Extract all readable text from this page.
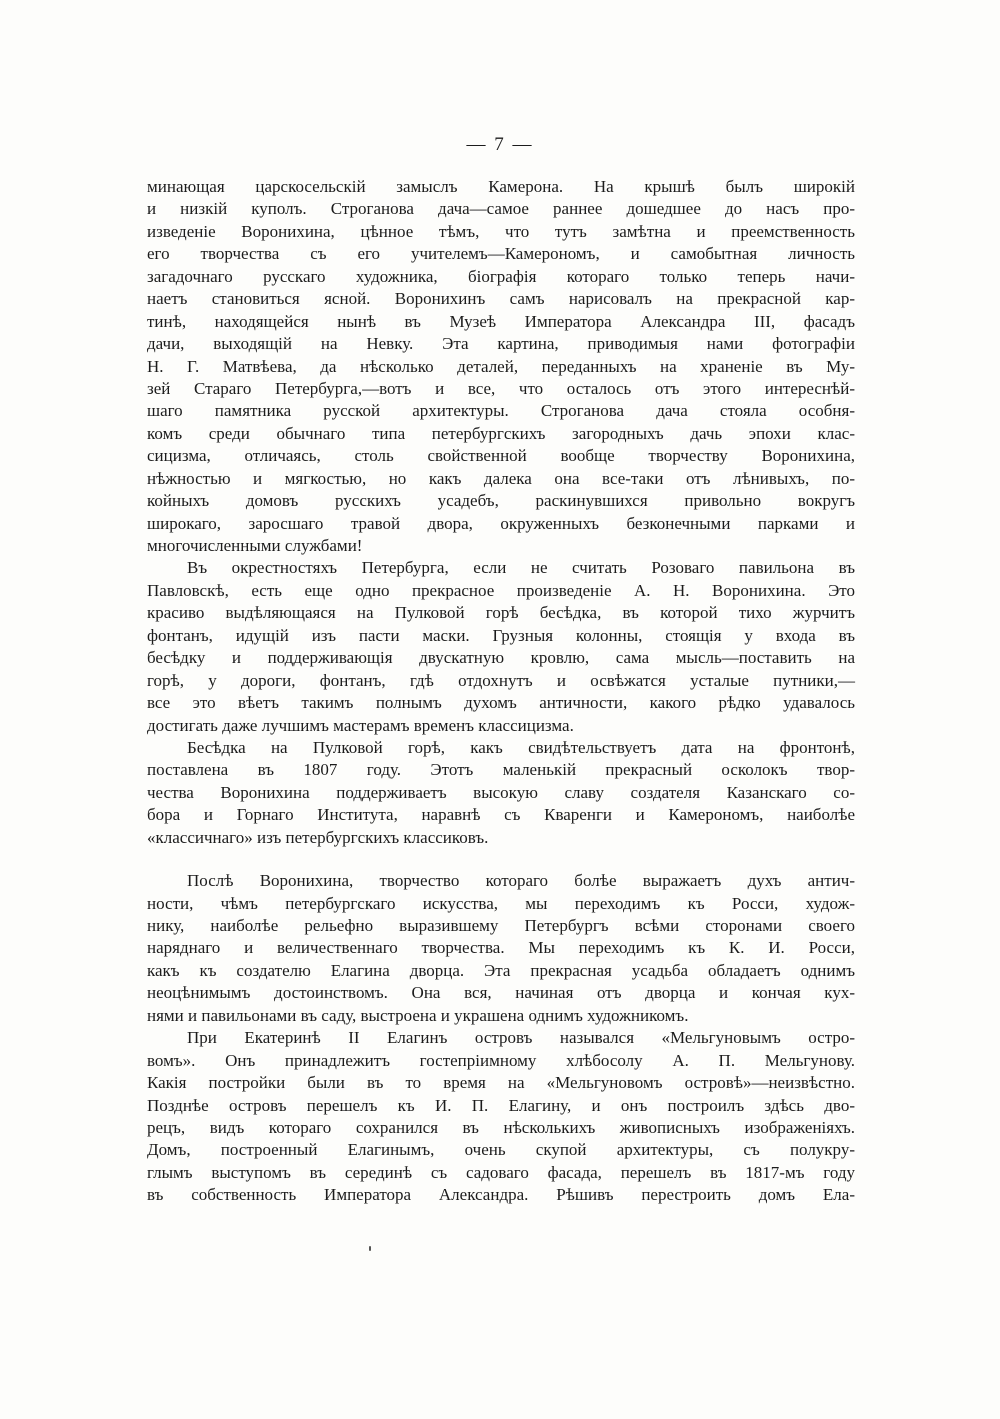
— 7 —
минающая царскосельскій замыслъ Камерона. На крышѣ былъ широкій
и низкій куполъ. Строганова дача—самое раннее дошедшее до насъ про-
изведеніе Воронихина, цѣнное тѣмъ, что тутъ замѣтна и преемственность
его творчества съ его учителемъ—Камерономъ, и самобытная личность
загадочнаго русскаго художника, біографія котораго только теперь начи-
наетъ становиться ясной. Воронихинъ самъ нарисовалъ на прекрасной кар-
тинѣ, находящейся нынѣ въ Музеѣ Императора Александра III, фасадъ
дачи, выходящій на Невку. Эта картина, приводимыя нами фотографіи
Н. Г. Матвѣева, да нѣсколько деталей, переданныхъ на храненіе въ Му-
зей Стараго Петербурга,—вотъ и все, что осталось отъ этого интереснѣй-
шаго памятника русской архитектуры. Строганова дача стояла особня-
комъ среди обычнаго типа петербургскихъ загородныхъ дачь эпохи клас-
сицизма, отличаясь, столь свойственной вообще творчеству Воронихина,
нѣжностью и мягкостью, но какъ далека она все-таки отъ лѣнивыхъ, по-
койныхъ домовъ русскихъ усадебъ, раскинувшихся привольно вокругъ
широкаго, заросшаго травой двора, окруженныхъ безконечными парками и
многочисленными службами!
Въ окрестностяхъ Петербурга, если не считать Розоваго павильона въ
Павловскѣ, есть еще одно прекрасное произведеніе А. Н. Воронихина. Это
красиво выдѣляющаяся на Пулковой горѣ бесѣдка, въ которой тихо журчитъ
фонтанъ, идущій изъ пасти маски. Грузныя колонны, стоящія у входа въ
бесѣдку и поддерживающія двускатную кровлю, сама мысль—поставить на
горѣ, у дороги, фонтанъ, гдѣ отдохнутъ и освѣжатся усталые путники,—
все это вѣетъ такимъ полнымъ духомъ античности, какого рѣдко удавалось
достигать даже лучшимъ мастерамъ временъ классицизма.
Бесѣдка на Пулковой горѣ, какъ свидѣтельствуетъ дата на фронтонѣ,
поставлена въ 1807 году. Этотъ маленькій прекрасный осколокъ твор-
чества Воронихина поддерживаетъ высокую славу создателя Казанскаго со-
бора и Горнаго Института, наравнѣ съ Кваренги и Камерономъ, наиболѣе
«классичнаго» изъ петербургскихъ классиковъ.
Послѣ Воронихина, творчество котораго болѣе выражаетъ духъ антич-
ности, чѣмъ петербургскаго искусства, мы переходимъ къ Росси, худож-
нику, наиболѣе рельефно выразившему Петербургъ всѣми сторонами своего
наряднаго и величественнаго творчества. Мы переходимъ къ К. И. Росси,
какъ къ создателю Елагина дворца. Эта прекрасная усадьба обладаетъ однимъ
неоцѣнимымъ достоинствомъ. Она вся, начиная отъ дворца и кончая кух-
нями и павильонами въ саду, выстроена и украшена однимъ художникомъ.
При Екатеринѣ II Елагинъ островъ назывался «Мельгуновымъ остро-
вомъ». Онъ принадлежитъ гостепріимному хлѣбосолу А. П. Мельгунову.
Какія постройки были въ то время на «Мельгуновомъ островѣ»—неизвѣстно.
Позднѣе островъ перешелъ къ И. П. Елагину, и онъ построилъ здѣсь дво-
рецъ, видъ котораго сохранился въ нѣсколькихъ живописныхъ изображеніяхъ.
Домъ, построенный Елагинымъ, очень скупой архитектуры, съ полукру-
глымъ выступомъ въ серединѣ съ садоваго фасада, перешелъ въ 1817-мъ году
въ собственность Императора Александра. Рѣшивъ перестроить домъ Ела-
